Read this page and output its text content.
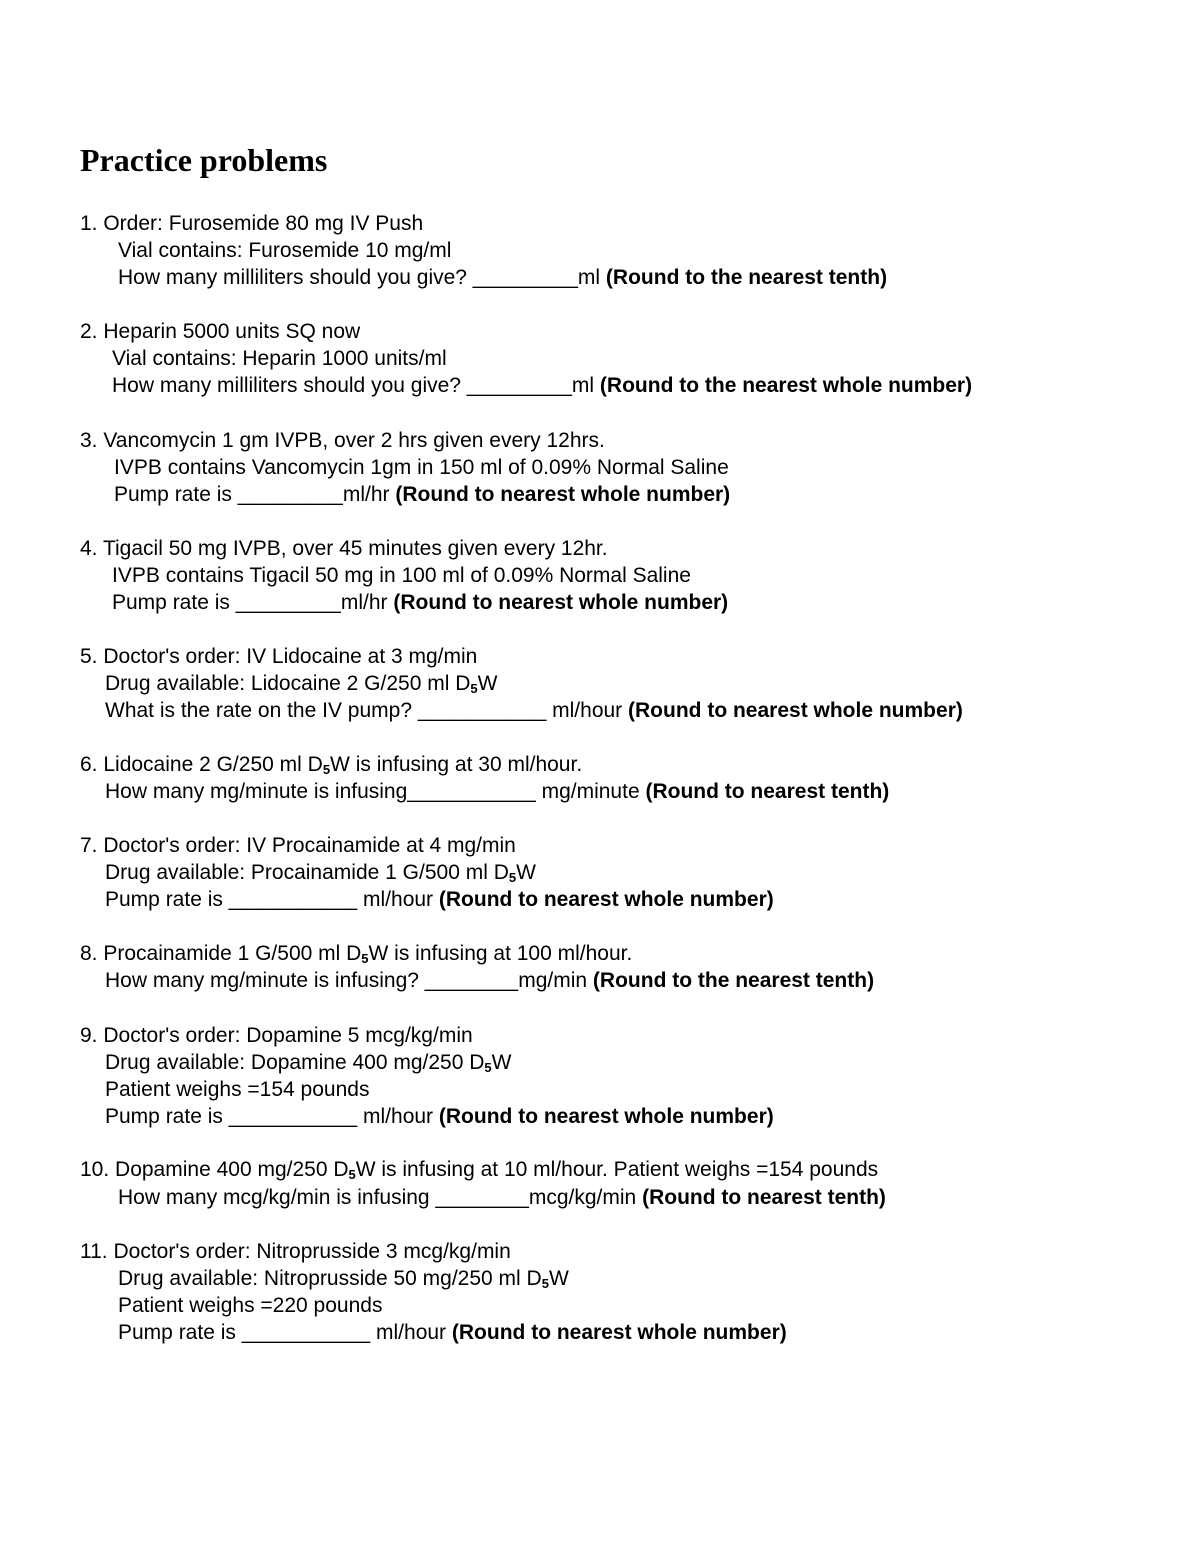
Practice problems
1. Order: Furosemide 80 mg IV Push
Vial contains: Furosemide 10 mg/ml
How many milliliters should you give? _________ml (Round to the nearest tenth)
2. Heparin 5000 units SQ now
Vial contains: Heparin 1000 units/ml
How many milliliters should you give? _________ml (Round to the nearest whole number)
3. Vancomycin 1 gm IVPB, over 2 hrs given every 12hrs.
IVPB contains Vancomycin 1gm in 150 ml of 0.09% Normal Saline
Pump rate is _________ml/hr (Round to nearest whole number)
4. Tigacil 50 mg IVPB, over 45 minutes given every 12hr.
IVPB contains Tigacil 50 mg in 100 ml of 0.09% Normal Saline
Pump rate is _________ml/hr (Round to nearest whole number)
5. Doctor's order: IV Lidocaine at 3 mg/min
Drug available: Lidocaine 2 G/250 ml $D_5W$
What is the rate on the IV pump? ___________ ml/hour (Round to nearest whole number)
6. Lidocaine 2 G/250 ml $D_5W$ is infusing at 30 ml/hour.
How many mg/minute is infusing___________ mg/minute (Round to nearest tenth)
7. Doctor's order: IV Procainamide at 4 mg/min
Drug available: Procainamide 1 G/500 ml $D_5W$
Pump rate is ___________ ml/hour (Round to nearest whole number)
8. Procainamide 1 G/500 ml $D_5W$ is infusing at 100 ml/hour.
How many mg/minute is infusing? ________mg/min (Round to the nearest tenth)
9. Doctor's order: Dopamine 5 mcg/kg/min
Drug available: Dopamine 400 mg/250 $D_5W$
Patient weighs =154 pounds
Pump rate is ___________ ml/hour (Round to nearest whole number)
10. Dopamine 400 mg/250 $D_5W$ is infusing at 10 ml/hour. Patient weighs =154 pounds
How many mcg/kg/min is infusing ________mcg/kg/min (Round to nearest tenth)
11. Doctor's order: Nitroprusside 3 mcg/kg/min
Drug available: Nitroprusside 50 mg/250 ml $D_5W$
Patient weighs =220 pounds
Pump rate is ___________ ml/hour (Round to nearest whole number)
